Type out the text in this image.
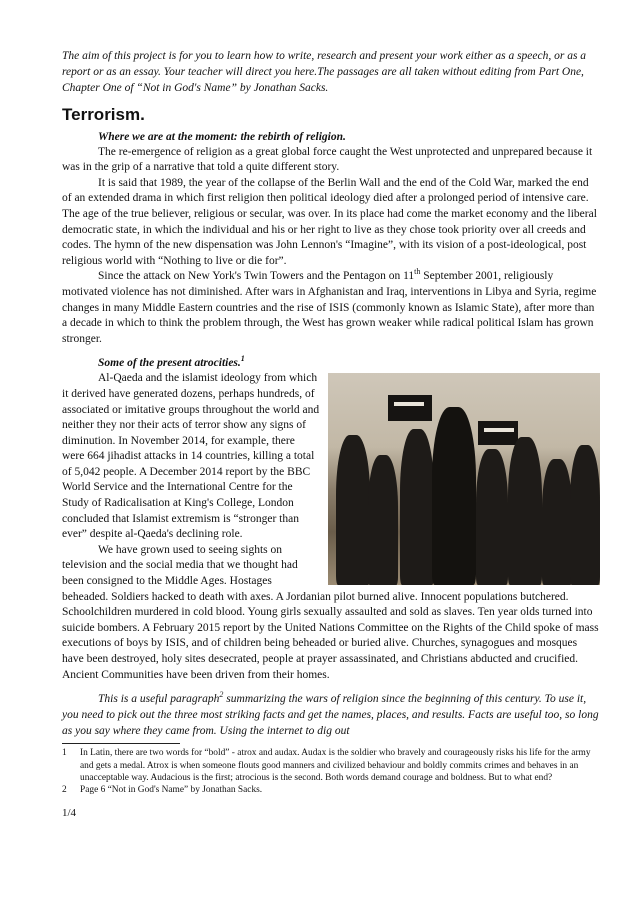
The aim of this project is for you to learn how to write, research and present your work either as a speech, or as a report or as an essay. Your teacher will direct you here.The passages are all taken without editing from Part One, Chapter One of “Not in God's Name” by Jonathan Sacks.

Terrorism.

Where we are at the moment: the rebirth of religion.

The re-emergence of religion as a great global force caught the West unprotected and unprepared because it was in the grip of a narrative that told a quite different story.

It is said that 1989, the year of the collapse of the Berlin Wall and the end of the Cold War, marked the end of an extended drama in which first religion then political ideology died after a prolonged period of intensive care. The age of the true believer, religious or secular, was over. In its place had come the market economy and the liberal democratic state, in which the individual and his or her right to live as they chose took priority over all creeds and codes. The hymn of the new dispensation was John Lennon's “Imagine”, with its vision of a post-ideological, post religious world with “Nothing to live or die for”.

Since the attack on New York's Twin Towers and the Pentagon on 11th September 2001, religiously motivated violence has not diminished. After wars in Afghanistan and Iraq, interventions in Libya and Syria, regime changes in many Middle Eastern countries and the rise of ISIS (commonly known as Islamic State), after more than a decade in which to think the problem through, the West has grown weaker while radical political Islam has grown stronger.

Some of the present atrocities.$^1$

Al-Qaeda and the islamist ideology from which it derived have generated dozens, perhaps hundreds, of associated or imitative groups throughout the world and neither they nor their acts of terror show any signs of diminution. In November 2014, for example, there were 664 jihadist attacks in 14 countries, killing a total of 5,042 people. A December 2014 report by the BBC World Service and the International Centre for the Study of Radicalisation at King's College, London concluded that Islamist extremism is “stronger than ever” despite al-Qaeda's declining role.

We have grown used to seeing sights on television and the social media that we thought had been consigned to the Middle Ages. Hostages beheaded. Soldiers hacked to death with axes. A Jordanian pilot burned alive. Innocent populations butchered. Schoolchildren murdered in cold blood. Young girls sexually assaulted and sold as slaves. Ten year olds turned into suicide bombers. A February 2015 report by the United Nations Committee on the Rights of the Child spoke of mass executions of boys by ISIS, and of children being beheaded or buried alive. Churches, synagogues and mosques have been destroyed, holy sites desecrated, people at prayer assassinated, and Christians abducted and crucified. Ancient Communities have been driven from their homes.

This is a useful paragraph$^2$ summarizing the wars of religion since the beginning of this century. To use it, you need to pick out the three most striking facts and get the names, places, and results. Facts are useful too, so long as you say where they came from. Using the internet to dig out

1	In Latin, there are two words for “bold” - atrox and audax. Audax is the soldier who bravely and courageously risks his life for the army and gets a medal. Atrox is when someone flouts good manners and civilized behaviour and boldly commits crimes and behaves in an unacceptable way. Audacious is the first; atrocious is the second. Both words demand courage and boldness. But to what end?
2	Page 6 “Not in God's Name” by Jonathan Sacks.
1/4
